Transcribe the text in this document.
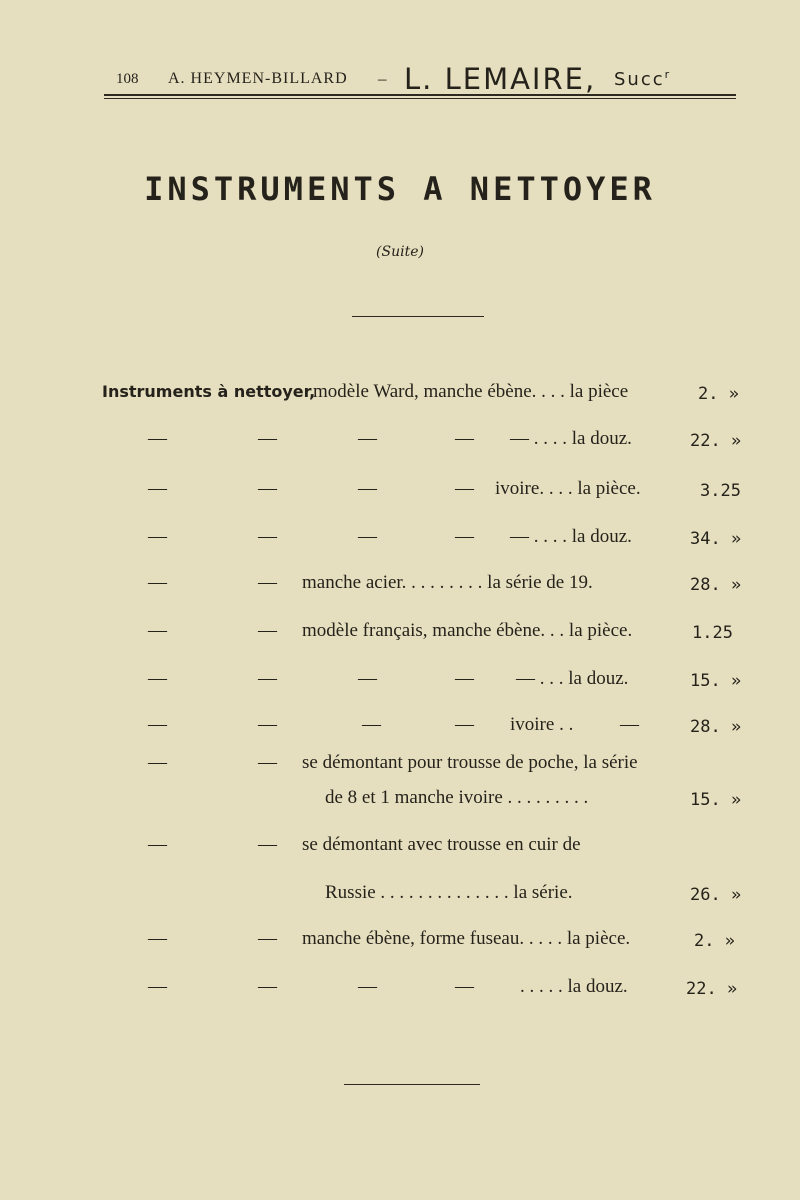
108 A. HEYMEN-BILLARD – L. LEMAIRE, Succ$^r$
INSTRUMENTS A NETTOYER
(Suite)
Instruments à nettoyer,
modèle Ward, manche ébène. . . . la pièce	2. »
—	—	—	— — . . . . la douz.	22. »
—	—	—	— ivoire. . . . la pièce.	3.25
—	—	—	— — . . . . la douz.	34. »
—	— manche acier. . . . . . . . . la série de 19.	28. »
—	— modèle français, manche ébène. . . la pièce.	1.25
—	—	—	— — . . . la douz.	15. »
—	—	—	— ivoire . . —	28. »
—	— se démontant pour trousse de poche, la série
de 8 et 1 manche ivoire . . . . . . . . .	15. »
—	— se démontant avec trousse en cuir de
Russie . . . . . . . . . . . . . . la série.	26. »
—	— manche ébène, forme fuseau. . . . . la pièce.	2. »
—	—	—	— . . . . . la douz.	22. »
